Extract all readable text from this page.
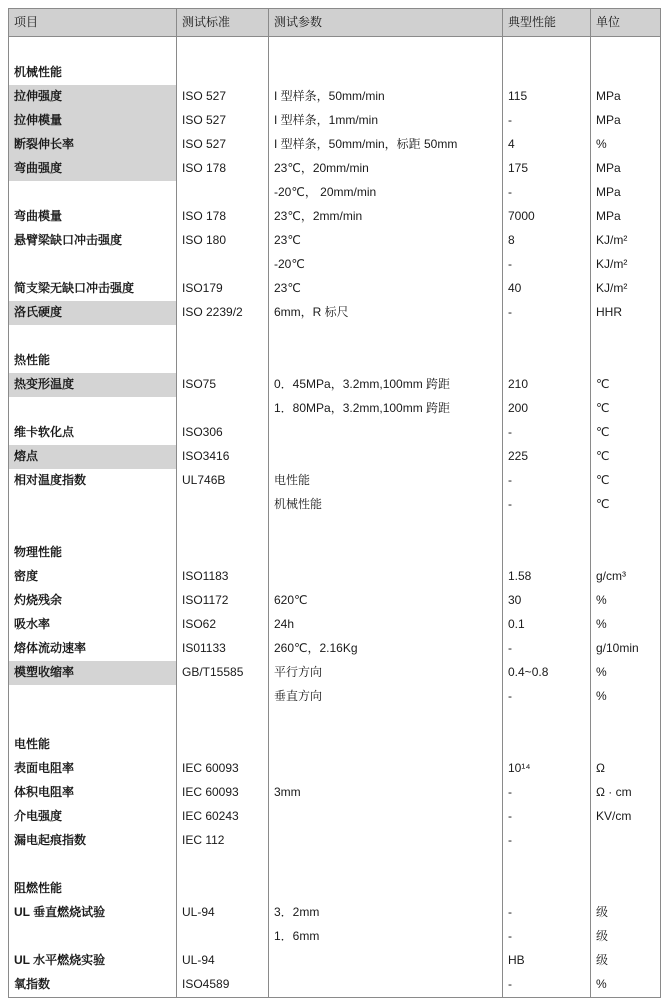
项目	测试标准	测试参数	典型性能	单位

机械性能				
拉伸强度	ISO 527	I 型样条，50mm/min	115	MPa
拉伸模量	ISO 527	I 型样条，1mm/min	-	MPa
断裂伸长率	ISO 527	I 型样条，50mm/min，标距 50mm	4	%
弯曲强度	ISO 178	23℃，20mm/min	175	MPa
		-20℃， 20mm/min	-	MPa
弯曲模量	ISO 178	23℃，2mm/min	7000	MPa
悬臂梁缺口冲击强度	ISO 180	23℃	8	KJ/m²
		-20℃	-	KJ/m²
简支梁无缺口冲击强度	ISO179	23℃	40	KJ/m²
洛氏硬度	ISO 2239/2	6mm，R 标尺	-	HHR

热性能				
热变形温度	ISO75	0．45MPa，3.2mm,100mm 跨距	210	℃
		1．80MPa，3.2mm,100mm 跨距	200	℃
维卡软化点	ISO306		-	℃
熔点	ISO3416		225	℃
相对温度指数	UL746B	电性能	-	℃
		机械性能	-	℃

物理性能				
密度	ISO1183		1.58	g/cm³
灼烧残余	ISO1172	620℃	30	%
吸水率	ISO62	24h	0.1	%
熔体流动速率	IS01133	260℃，2.16Kg	-	g/10min
模塑收缩率	GB/T15585	平行方向	0.4~0.8	%
		垂直方向	-	%

电性能				
表面电阻率	IEC 60093		10¹⁴	Ω
体积电阻率	IEC 60093	3mm	-	Ω · cm
介电强度	IEC 60243		-	KV/cm
漏电起痕指数	IEC 112		-	

阻燃性能				
UL 垂直燃烧试验	UL-94	3．2mm	-	级
		1．6mm	-	级
UL 水平燃烧实验	UL-94		HB	级
氧指数	ISO4589		-	%
